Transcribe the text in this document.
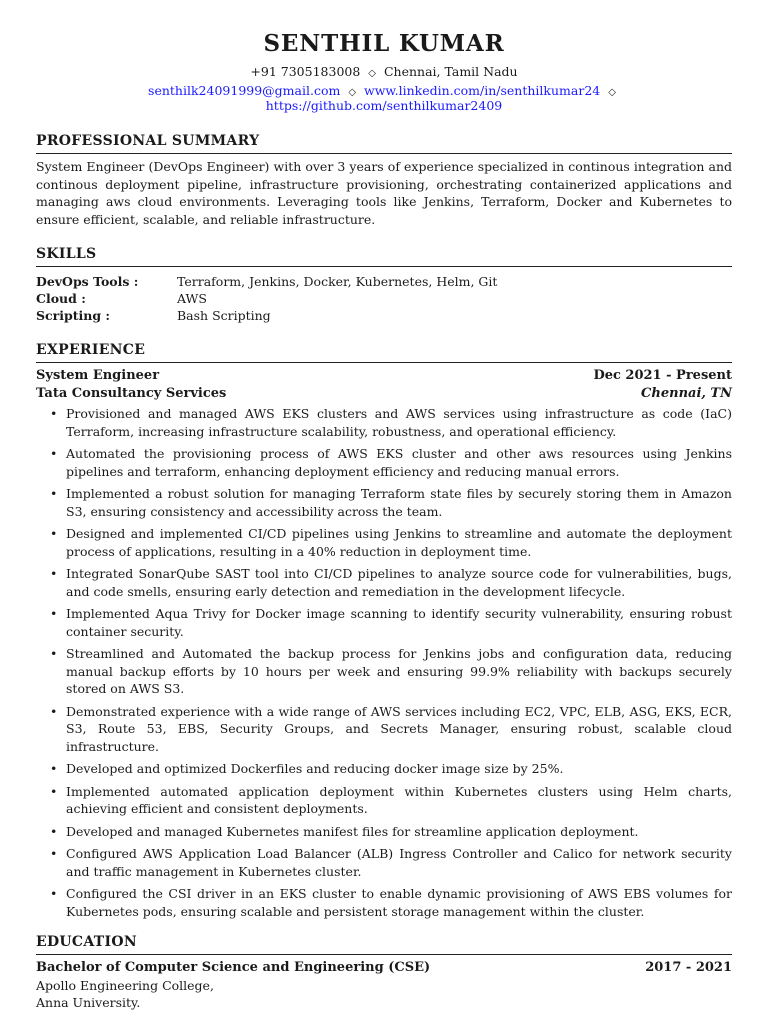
SENTHIL KUMAR
+91 7305183008 ◇ Chennai, Tamil Nadu
senthilk24091999@gmail.com ◇ www.linkedin.com/in/senthilkumar24 ◇ https://github.com/senthilkumar2409
PROFESSIONAL SUMMARY
System Engineer (DevOps Engineer) with over 3 years of experience specialized in continous integration and continous deployment pipeline, infrastructure provisioning, orchestrating containerized applications and managing aws cloud environments. Leveraging tools like Jenkins, Terraform, Docker and Kubernetes to ensure efficient, scalable, and reliable infrastructure.
SKILLS
DevOps Tools :	Terraform, Jenkins, Docker, Kubernetes, Helm, Git
Cloud :	AWS
Scripting :	Bash Scripting
EXPERIENCE
System Engineer	Dec 2021 - Present
Tata Consultancy Services	Chennai, TN
• Provisioned and managed AWS EKS clusters and AWS services using infrastructure as code (IaC) Terraform, increasing infrastructure scalability, robustness, and operational efficiency.
• Automated the provisioning process of AWS EKS cluster and other aws resources using Jenkins pipelines and terraform, enhancing deployment efficiency and reducing manual errors.
• Implemented a robust solution for managing Terraform state files by securely storing them in Amazon S3, ensuring consistency and accessibility across the team.
• Designed and implemented CI/CD pipelines using Jenkins to streamline and automate the deployment process of applications, resulting in a 40% reduction in deployment time.
• Integrated SonarQube SAST tool into CI/CD pipelines to analyze source code for vulnerabilities, bugs, and code smells, ensuring early detection and remediation in the development lifecycle.
• Implemented Aqua Trivy for Docker image scanning to identify security vulnerability, ensuring robust container security.
• Streamlined and Automated the backup process for Jenkins jobs and configuration data, reducing manual backup efforts by 10 hours per week and ensuring 99.9% reliability with backups securely stored on AWS S3.
• Demonstrated experience with a wide range of AWS services including EC2, VPC, ELB, ASG, EKS, ECR, S3, Route 53, EBS, Security Groups, and Secrets Manager, ensuring robust, scalable cloud infrastructure.
• Developed and optimized Dockerfiles and reducing docker image size by 25%.
• Implemented automated application deployment within Kubernetes clusters using Helm charts, achieving efficient and consistent deployments.
• Developed and managed Kubernetes manifest files for streamline application deployment.
• Configured AWS Application Load Balancer (ALB) Ingress Controller and Calico for network security and traffic management in Kubernetes cluster.
• Configured the CSI driver in an EKS cluster to enable dynamic provisioning of AWS EBS volumes for Kubernetes pods, ensuring scalable and persistent storage management within the cluster.
EDUCATION
Bachelor of Computer Science and Engineering (CSE)	2017 - 2021
Apollo Engineering College,
Anna University.
